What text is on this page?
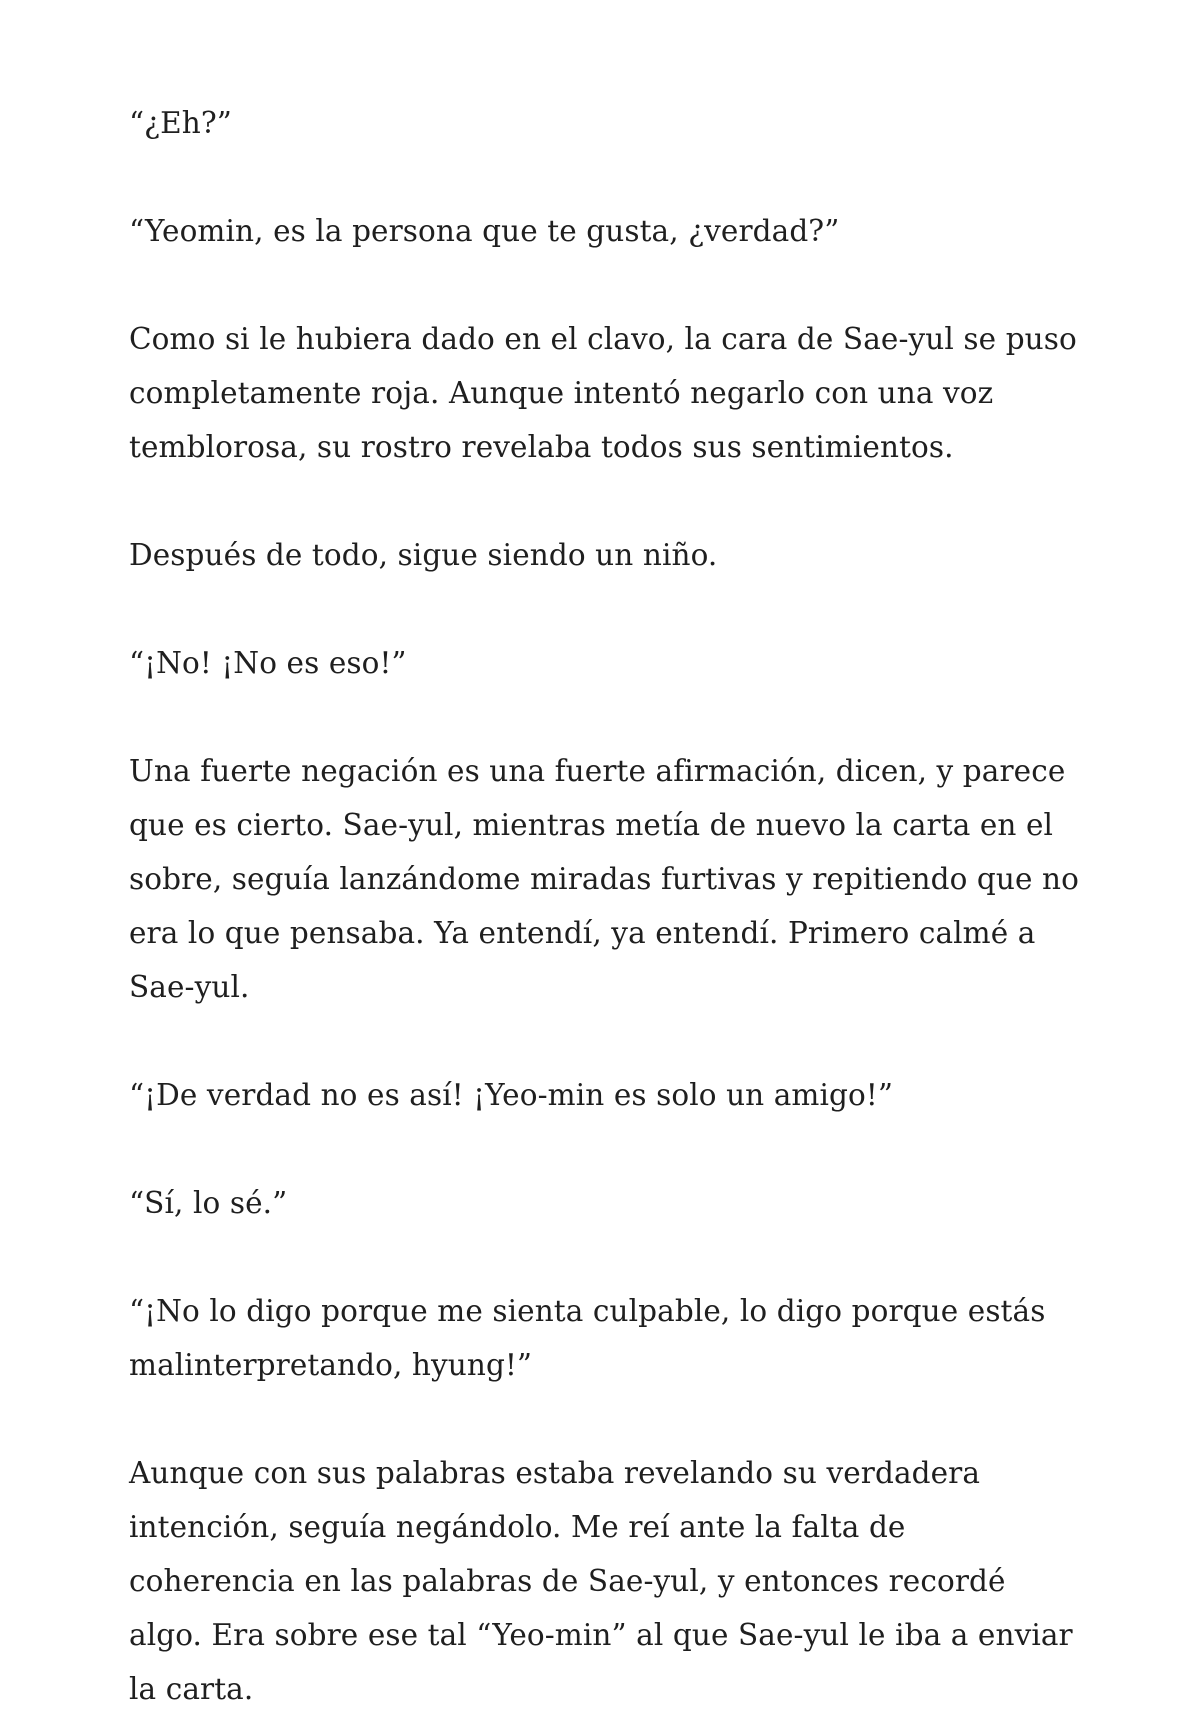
“¿Eh?”

“Yeomin, es la persona que te gusta, ¿verdad?”

Como si le hubiera dado en el clavo, la cara de Sae-yul se puso completamente roja. Aunque intentó negarlo con una voz temblorosa, su rostro revelaba todos sus sentimientos.

Después de todo, sigue siendo un niño.

“¡No! ¡No es eso!”

Una fuerte negación es una fuerte afirmación, dicen, y parece que es cierto. Sae-yul, mientras metía de nuevo la carta en el sobre, seguía lanzándome miradas furtivas y repitiendo que no era lo que pensaba. Ya entendí, ya entendí. Primero calmé a Sae-yul.

“¡De verdad no es así! ¡Yeo-min es solo un amigo!”

“Sí, lo sé.”

“¡No lo digo porque me sienta culpable, lo digo porque estás malinterpretando, hyung!”

Aunque con sus palabras estaba revelando su verdadera intención, seguía negándolo. Me reí ante la falta de coherencia en las palabras de Sae-yul, y entonces recordé algo. Era sobre ese tal “Yeo-min” al que Sae-yul le iba a enviar la carta.
